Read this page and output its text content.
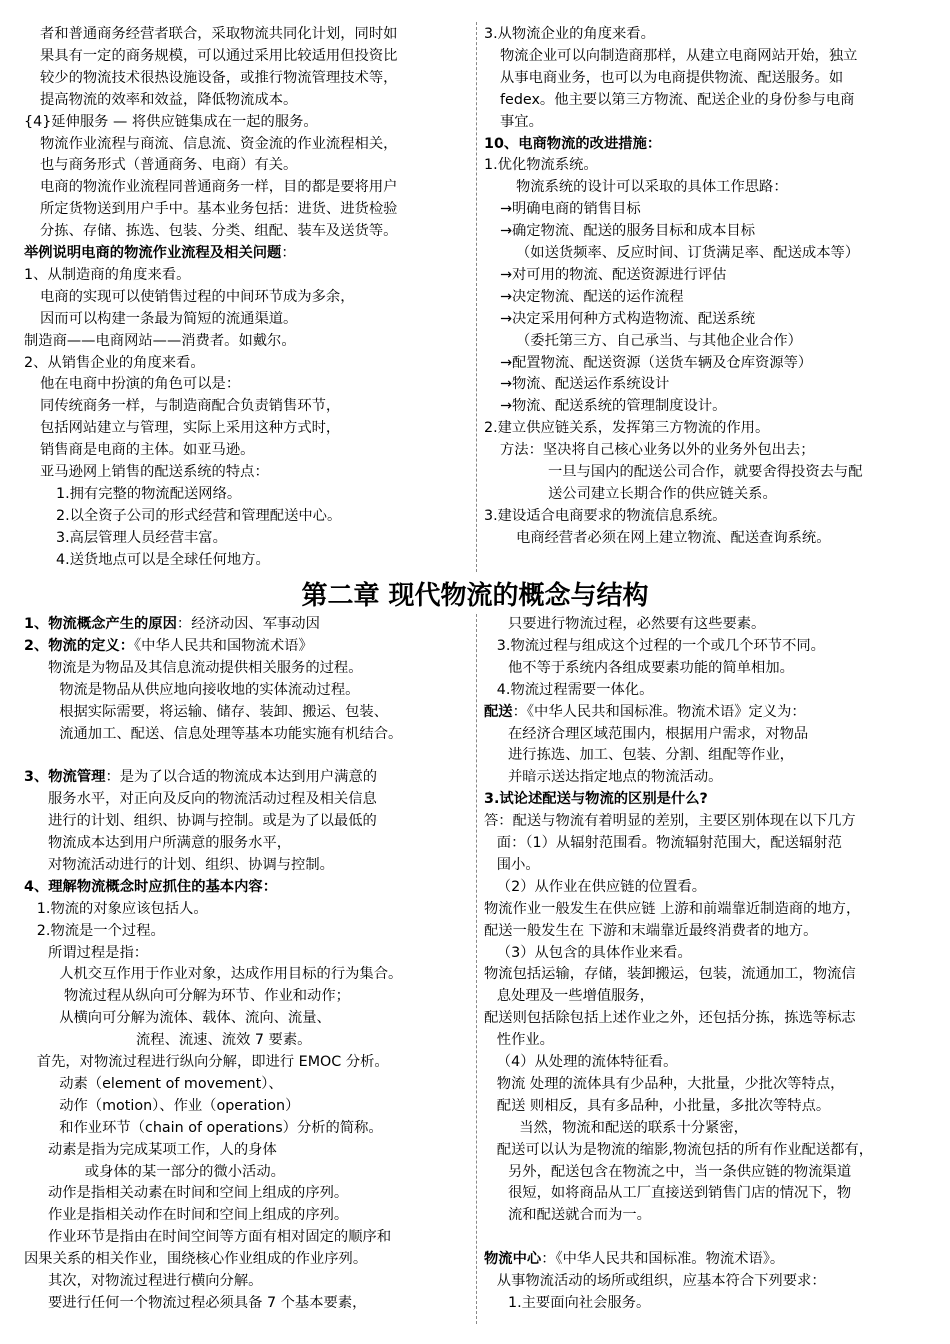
者和普通商务经营者联合，采取物流共同化计划，同时如
果具有一定的商务规模，可以通过采用比较适用但投资比
较少的物流技术很热设施设备，或推行物流管理技术等，
提高物流的效率和效益，降低物流成本。
{4}延伸服务 — 将供应链集成在一起的服务。
物流作业流程与商流、信息流、资金流的作业流程相关，
也与商务形式（普通商务、电商）有关。
电商的物流作业流程同普通商务一样，目的都是要将用户
所定货物送到用户手中。基本业务包括：进货、进货检验
分拣、存储、拣选、包装、分类、组配、装车及送货等。
举例说明电商的物流作业流程及相关问题：
1、从制造商的角度来看。
电商的实现可以使销售过程的中间环节成为多余，
因而可以构建一条最为简短的流通渠道。
制造商——电商网站——消费者。如戴尔。
2、从销售企业的角度来看。
他在电商中扮演的角色可以是：
同传统商务一样，与制造商配合负责销售环节，
包括网站建立与管理，实际上采用这种方式时，
销售商是电商的主体。如亚马逊。
亚马逊网上销售的配送系统的特点：
1.拥有完整的物流配送网络。
2.以全资子公司的形式经营和管理配送中心。
3.高层管理人员经营丰富。
4.送货地点可以是全球任何地方。
3.从物流企业的角度来看。
物流企业可以向制造商那样，从建立电商网站开始，独立
从事电商业务，也可以为电商提供物流、配送服务。如
fedex。他主要以第三方物流、配送企业的身份参与电商
事宜。
10、电商物流的改进措施：
1.优化物流系统。
物流系统的设计可以采取的具体工作思路：
→明确电商的销售目标
→确定物流、配送的服务目标和成本目标
（如送货频率、反应时间、订货满足率、配送成本等）
→对可用的物流、配送资源进行评估
→决定物流、配送的运作流程
→决定采用何种方式构造物流、配送系统
（委托第三方、自己承当、与其他企业合作）
→配置物流、配送资源（送货车辆及仓库资源等）
→物流、配送运作系统设计
→物流、配送系统的管理制度设计。
2.建立供应链关系，发挥第三方物流的作用。
方法：坚决将自己核心业务以外的业务外包出去；
一旦与国内的配送公司合作，就要舍得投资去与配
送公司建立长期合作的供应链关系。
3.建设适合电商要求的物流信息系统。
电商经营者必须在网上建立物流、配送查询系统。
第二章 现代物流的概念与结构
1、物流概念产生的原因：经济动因、军事动因
2、物流的定义：《中华人民共和国物流术语》
物流是为物品及其信息流动提供相关服务的过程。
物流是物品从供应地向接收地的实体流动过程。
根据实际需要，将运输、储存、装卸、搬运、包装、
流通加工、配送、信息处理等基本功能实施有机结合。
3、物流管理：是为了以合适的物流成本达到用户满意的
服务水平，对正向及反向的物流活动过程及相关信息
进行的计划、组织、协调与控制。或是为了以最低的
物流成本达到用户所满意的服务水平，
对物流活动进行的计划、组织、协调与控制。
4、理解物流概念时应抓住的基本内容：
1.物流的对象应该包括人。
2.物流是一个过程。
所谓过程是指：
人机交互作用于作业对象，达成作用目标的行为集合。
物流过程从纵向可分解为环节、作业和动作；
从横向可分解为流体、载体、流向、流量、
流程、流速、流效 7 要素。
首先，对物流过程进行纵向分解，即进行 EMOC 分析。
动素（element of movement）、
动作（motion）、作业（operation）
和作业环节（chain of operations）分析的简称。
动素是指为完成某项工作，人的身体
或身体的某一部分的微小活动。
动作是指相关动素在时间和空间上组成的序列。
作业是指相关动作在时间和空间上组成的序列。
作业环节是指由在时间空间等方面有相对固定的顺序和
因果关系的相关作业，围绕核心作业组成的作业序列。
其次，对物流过程进行横向分解。
要进行任何一个物流过程必须具备 7 个基本要素，
只要进行物流过程，必然要有这些要素。
3.物流过程与组成这个过程的一个或几个环节不同。
他不等于系统内各组成要素功能的简单相加。
4.物流过程需要一体化。
配送：《中华人民共和国标准。物流术语》定义为：
在经济合理区域范围内，根据用户需求，对物品
进行拣选、加工、包装、分割、组配等作业，
并暗示送达指定地点的物流活动。
3.试论述配送与物流的区别是什么?
答：配送与物流有着明显的差别，主要区别体现在以下几方
面：（1）从辐射范围看。物流辐射范围大，配送辐射范
围小。
（2）从作业在供应链的位置看。
物流作业一般发生在供应链 上游和前端靠近制造商的地方，
配送一般发生在 下游和末端靠近最终消费者的地方。
（3）从包含的具体作业来看。
物流包括运输，存储，装卸搬运，包装，流通加工，物流信
息处理及一些增值服务，
配送则包括除包括上述作业之外，还包括分拣，拣选等标志
性作业。
（4）从处理的流体特征看。
物流 处理的流体具有少品种，大批量，少批次等特点，
配送 则相反，具有多品种，小批量，多批次等特点。
当然，物流和配送的联系十分紧密，
配送可以认为是物流的缩影,物流包括的所有作业配送都有，
另外，配送包含在物流之中，当一条供应链的物流渠道
很短，如将商品从工厂直接送到销售门店的情况下，物
流和配送就合而为一。
物流中心：《中华人民共和国标准。物流术语》。
从事物流活动的场所或组织，应基本符合下列要求：
1.主要面向社会服务。
